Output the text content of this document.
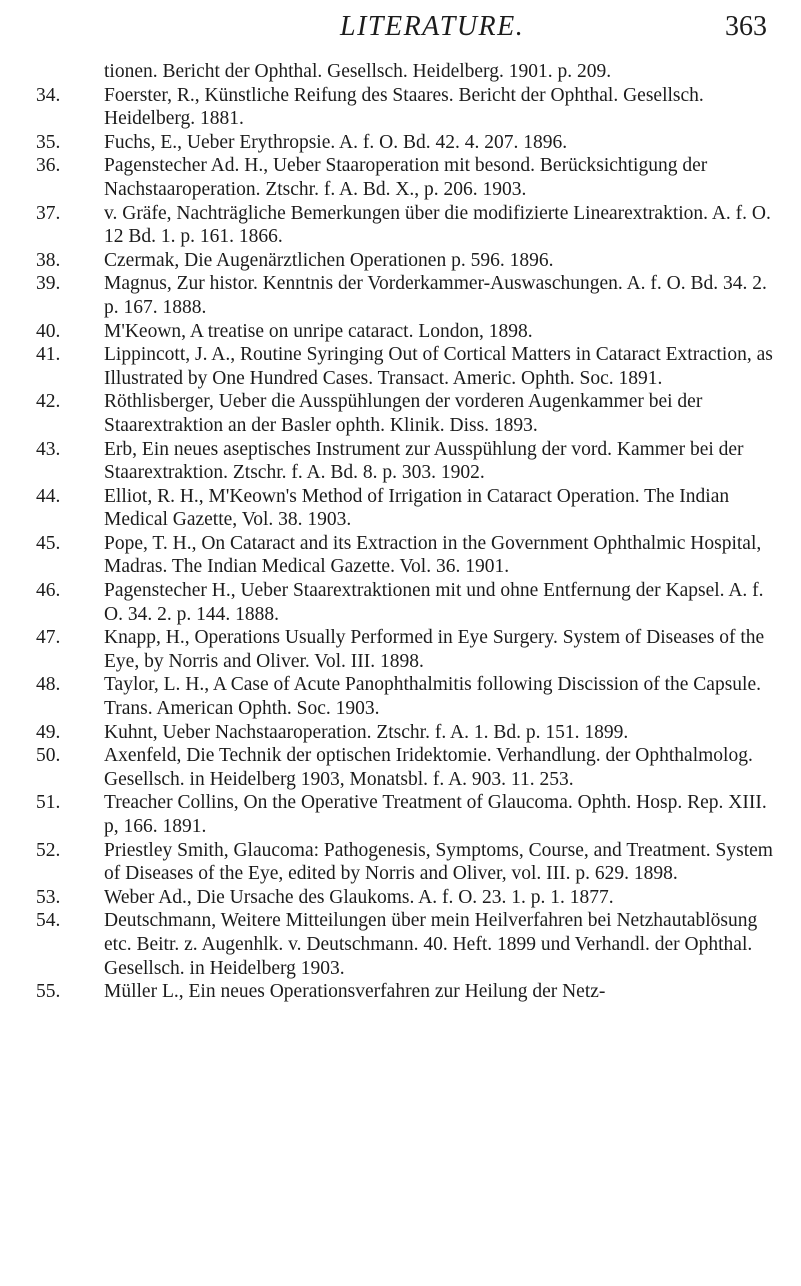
LITERATURE.	363
tionen. Bericht der Ophthal. Gesellsch. Heidelberg. 1901. p. 209.
34. Foerster, R., Künstliche Reifung des Staares. Bericht der Ophthal. Gesellsch. Heidelberg. 1881.
35. Fuchs, E., Ueber Erythropsie. A. f. O. Bd. 42. 4. 207. 1896.
36. Pagenstecher Ad. H., Ueber Staaroperation mit besond. Berücksichtigung der Nachstaaroperation. Ztschr. f. A. Bd. X., p. 206. 1903.
37. v. Gräfe, Nachträgliche Bemerkungen über die modifizierte Linearextraktion. A. f. O. 12 Bd. 1. p. 161. 1866.
38. Czermak, Die Augenärztlichen Operationen p. 596. 1896.
39. Magnus, Zur histor. Kenntnis der Vorderkammer-Auswaschungen. A. f. O. Bd. 34. 2. p. 167. 1888.
40. M'Keown, A treatise on unripe cataract. London, 1898.
41. Lippincott, J. A., Routine Syringing Out of Cortical Matters in Cataract Extraction, as Illustrated by One Hundred Cases. Transact. Americ. Ophth. Soc. 1891.
42. Röthlisberger, Ueber die Ausspühlungen der vorderen Augenkammer bei der Staarextraktion an der Basler ophth. Klinik. Diss. 1893.
43. Erb, Ein neues aseptisches Instrument zur Ausspühlung der vord. Kammer bei der Staarextraktion. Ztschr. f. A. Bd. 8. p. 303. 1902.
44. Elliot, R. H., M'Keown's Method of Irrigation in Cataract Operation. The Indian Medical Gazette, Vol. 38. 1903.
45. Pope, T. H., On Cataract and its Extraction in the Government Ophthalmic Hospital, Madras. The Indian Medical Gazette. Vol. 36. 1901.
46. Pagenstecher H., Ueber Staarextraktionen mit und ohne Entfernung der Kapsel. A. f. O. 34. 2. p. 144. 1888.
47. Knapp, H., Operations Usually Performed in Eye Surgery. System of Diseases of the Eye, by Norris and Oliver. Vol. III. 1898.
48. Taylor, L. H., A Case of Acute Panophthalmitis following Discission of the Capsule. Trans. American Ophth. Soc. 1903.
49. Kuhnt, Ueber Nachstaaroperation. Ztschr. f. A. 1. Bd. p. 151. 1899.
50. Axenfeld, Die Technik der optischen Iridektomie. Verhandlung. der Ophthalmolog. Gesellsch. in Heidelberg 1903, Monatsbl. f. A. 903. 11. 253.
51. Treacher Collins, On the Operative Treatment of Glaucoma. Ophth. Hosp. Rep. XIII. p, 166. 1891.
52. Priestley Smith, Glaucoma: Pathogenesis, Symptoms, Course, and Treatment. System of Diseases of the Eye, edited by Norris and Oliver, vol. III. p. 629. 1898.
53. Weber Ad., Die Ursache des Glaukoms. A. f. O. 23. 1. p. 1. 1877.
54. Deutschmann, Weitere Mitteilungen über mein Heilverfahren bei Netzhautablösung etc. Beitr. z. Augenhlk. v. Deutschmann. 40. Heft. 1899 und Verhandl. der Ophthal. Gesellsch. in Heidelberg 1903.
55. Müller L., Ein neues Operationsverfahren zur Heilung der Netz-
